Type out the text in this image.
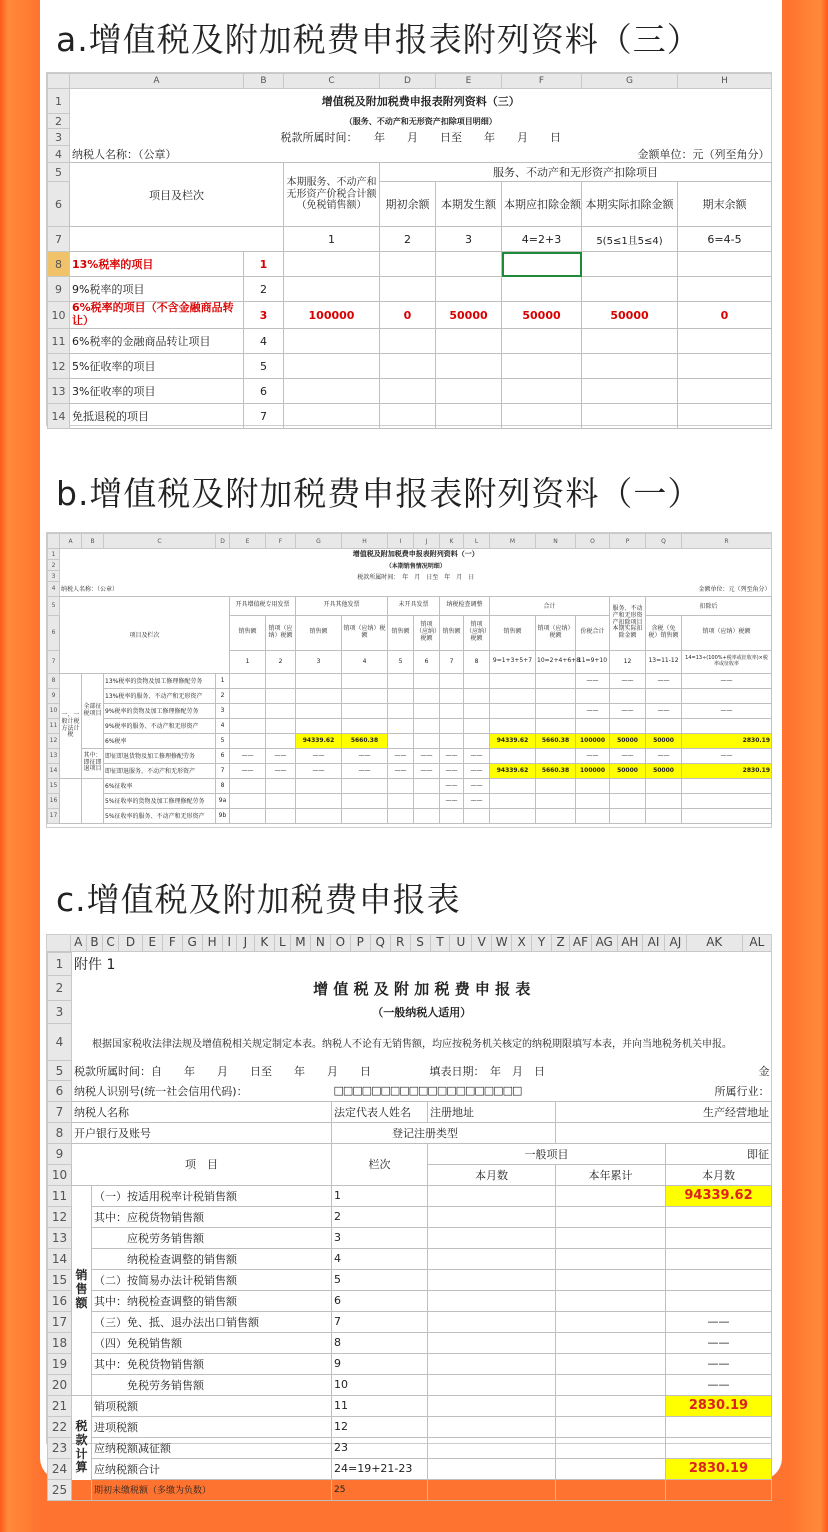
a.增值税及附加税费申报表附列资料（三）
	A	B	C	D	E	F	G	H
1	增值税及附加税费申报表附列资料（三）							
2	（服务、不动产和无形资产扣除项目明细）							
3	税款所属时间：　　年　　月　　日至　　年　　月　　日							
4	纳税人名称：（公章）				金额单位：元（列至角分）			
5	项目及栏次		本期服务、不动产和无形资产价税合计额（免税销售额）	服务、不动产和无形资产扣除项目				
6				期初余额	本期发生额	本期应扣除金额	本期实际扣除金额	期末余额
7			1	2	3	4=2+3	5(5≤1且5≤4)	6=4-5
8	13%税率的项目	1						
9	9%税率的项目	2						
10	6%税率的项目（不含金融商品转让）	3	100000	0	50000	50000	50000	0
11	6%税率的金融商品转让项目	4						
12	5%征收率的项目	5						
13	3%征收率的项目	6						
14	免抵退税的项目	7						
b.增值税及附加税费申报表附列资料（一）
	A	B	C	D	E	F	G	H	I	J	K	L	M	N	O	P	Q	R
1	增值税及附加税费申报表附列资料（一）																	
2	（本期销售情况明细）																	
3	税款所属时间：　年　月　日至　年　月　日																	
4	纳税人名称：（公章）								金额单位：元（列至角分）									
5	项目及栏次				开具增值税专用发票		开具其他发票		未开具发票		纳税检查调整		合计			服务、不动产和无形资产扣除项目本期实际扣除金额	扣除后	
6					销售额	销项（应纳）税额	销售额	销项（应纳）税额	销售额	销项（应纳）税额	销售额	销项（应纳）税额	销售额	销项（应纳）税额	价税合计		含税（免税）销售额	销项（应纳）税额
7					1	2	3	4	5	6	7	8	9=1+3+5+7	10=2+4+6+8	11=9+10	12	13=11-12	14=13÷(100%+税率或征收率)×税率或征收率
8	一、一般计税方法计税	全部征税项目	13%税率的货物及加工修理修配劳务	1											——	——	——	——
9			13%税率的服务、不动产和无形资产	2														
10			9%税率的货物及加工修理修配劳务	3											——	——	——	——
11			9%税率的服务、不动产和无形资产	4														
12			6%税率	5			94339.62	5660.38					94339.62	5660.38	100000	50000	50000	2830.19
13		其中：即征即退项目	即征即退货物及加工修理修配劳务	6	——	——	——	——	——	——	——	——			——	——	——	——
14			即征即退服务、不动产和无形资产	7	——	——	——	——	——	——	——	——	94339.62	5660.38	100000	50000	50000	2830.19
15			6%征收率	8							——	——						
16			5%征收率的货物及加工修理修配劳务	9a							——	——						
17			5%征收率的服务、不动产和无形资产	9b														
c.增值税及附加税费申报表
A B C D	E	F G H I	J	K L M N O P Q R S	T	U	V W X	Y Z AF AG AH AI AJ	AK	AL
1	附件 1					
2	增 值 税 及 附 加 税 费 申 报 表					
3	（一般纳税人适用）					
4	根据国家税收法律法规及增值税相关规定制定本表。纳税人不论有无销售额，均应按税务机关核定的纳税期限填写本表，并向当地税务机关申报。					
5	税款所属时间：自　　年　　月　　日至　　年　　月　　日			填表日期：　年　月　日		金
6	纳税人识别号(统一社会信用代码)：		□□□□□□□□□□□□□□□□□□□□		所属行业：	
7	纳税人名称		法定代表人姓名	注册地址	生产经营地址	
8	开户银行及账号		登记注册类型			
9	项　目		栏次	一般项目		即征
10				本月数	本年累计	本月数
11	销售额	（一）按适用税率计税销售额	1			94339.62
12		其中：应税货物销售额	2			
13		　　　应税劳务销售额	3			
14		　　　纳税检查调整的销售额	4			
15		（二）按简易办法计税销售额	5			
16		其中：纳税检查调整的销售额	6			
17		（三）免、抵、退办法出口销售额	7			——
18		（四）免税销售额	8			——
19		其中：免税货物销售额	9			——
20		　　　免税劳务销售额	10			——
21	税款计算	销项税额	11			2830.19
22		进项税额	12			
23		应纳税额减征额	23			
24		应纳税额合计	24=19+21-23			2830.19
25		期初未缴税额（多缴为负数）	25			
